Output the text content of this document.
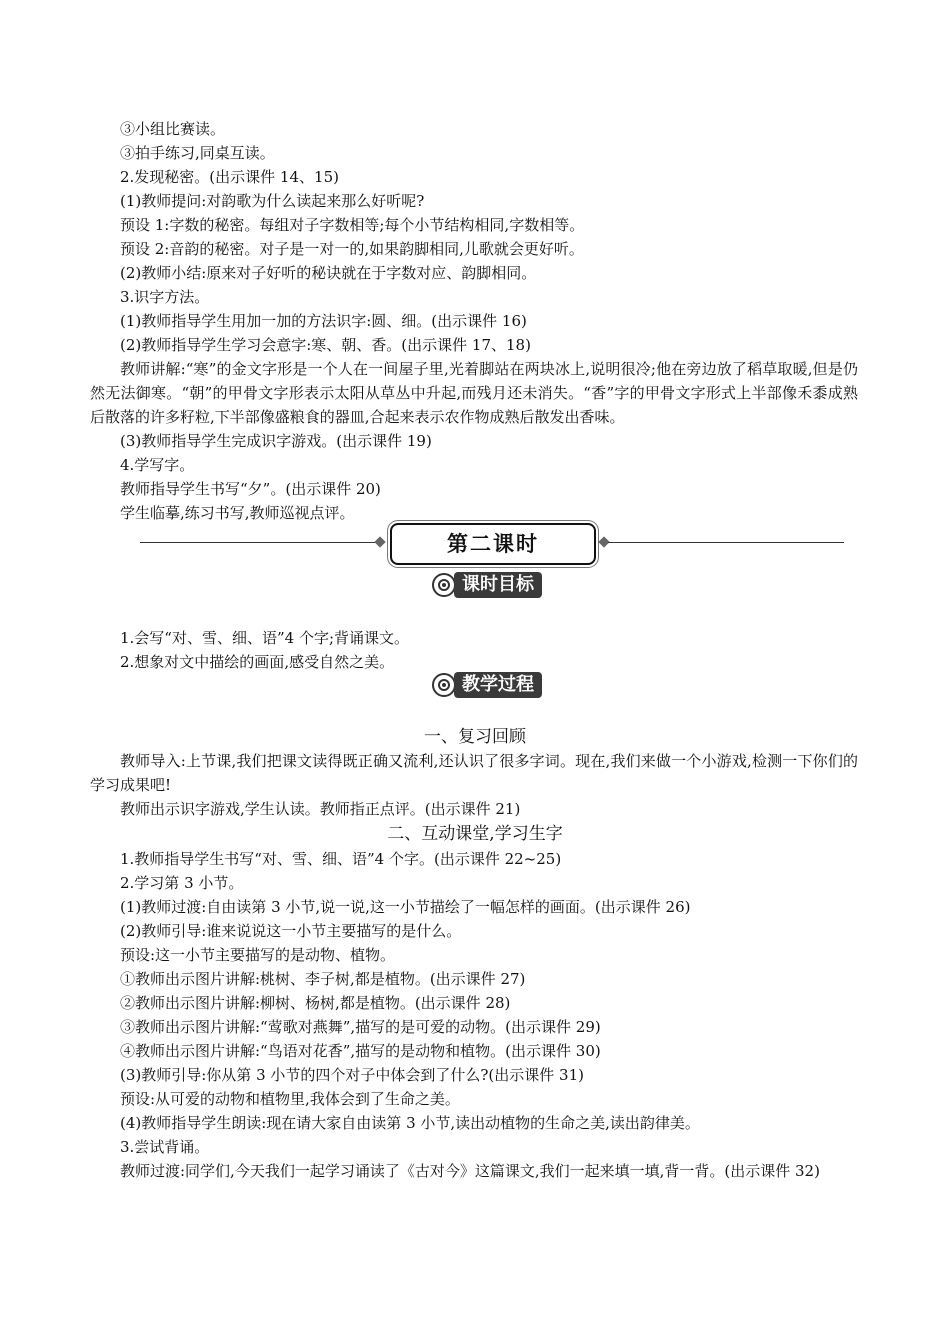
③小组比赛读。
③拍手练习,同桌互读。
2.发现秘密。(出示课件 14、15)
(1)教师提问:对韵歌为什么读起来那么好听呢?
预设 1:字数的秘密。每组对子字数相等;每个小节结构相同,字数相等。
预设 2:音韵的秘密。对子是一对一的,如果韵脚相同,儿歌就会更好听。
(2)教师小结:原来对子好听的秘诀就在于字数对应、韵脚相同。
3.识字方法。
(1)教师指导学生用加一加的方法识字:圆、细。(出示课件 16)
(2)教师指导学生学习会意字:寒、朝、香。(出示课件 17、18)
教师讲解:“寒”的金文字形是一个人在一间屋子里,光着脚站在两块冰上,说明很冷;他在旁边放了稻草取暖,但是仍然无法御寒。“朝”的甲骨文字形表示太阳从草丛中升起,而残月还未消失。“香”字的甲骨文字形式上半部像禾黍成熟后散落的许多籽粒,下半部像盛粮食的器皿,合起来表示农作物成熟后散发出香味。
(3)教师指导学生完成识字游戏。(出示课件 19)
4.学写字。
教师指导学生书写“夕”。(出示课件 20)
学生临摹,练习书写,教师巡视点评。
第二课时
课时目标
1.会写“对、雪、细、语”4 个字;背诵课文。
2.想象对文中描绘的画面,感受自然之美。
教学过程
一、复习回顾
教师导入:上节课,我们把课文读得既正确又流利,还认识了很多字词。现在,我们来做一个小游戏,检测一下你们的学习成果吧!
教师出示识字游戏,学生认读。教师指正点评。(出示课件 21)
二、互动课堂,学习生字
1.教师指导学生书写“对、雪、细、语”4 个字。(出示课件 22~25)
2.学习第 3 小节。
(1)教师过渡:自由读第 3 小节,说一说,这一小节描绘了一幅怎样的画面。(出示课件 26)
(2)教师引导:谁来说说这一小节主要描写的是什么。
预设:这一小节主要描写的是动物、植物。
①教师出示图片讲解:桃树、李子树,都是植物。(出示课件 27)
②教师出示图片讲解:柳树、杨树,都是植物。(出示课件 28)
③教师出示图片讲解:“莺歌对燕舞”,描写的是可爱的动物。(出示课件 29)
④教师出示图片讲解:“鸟语对花香”,描写的是动物和植物。(出示课件 30)
(3)教师引导:你从第 3 小节的四个对子中体会到了什么?(出示课件 31)
预设:从可爱的动物和植物里,我体会到了生命之美。
(4)教师指导学生朗读:现在请大家自由读第 3 小节,读出动植物的生命之美,读出韵律美。
3.尝试背诵。
教师过渡:同学们,今天我们一起学习诵读了《古对今》这篇课文,我们一起来填一填,背一背。(出示课件 32)
